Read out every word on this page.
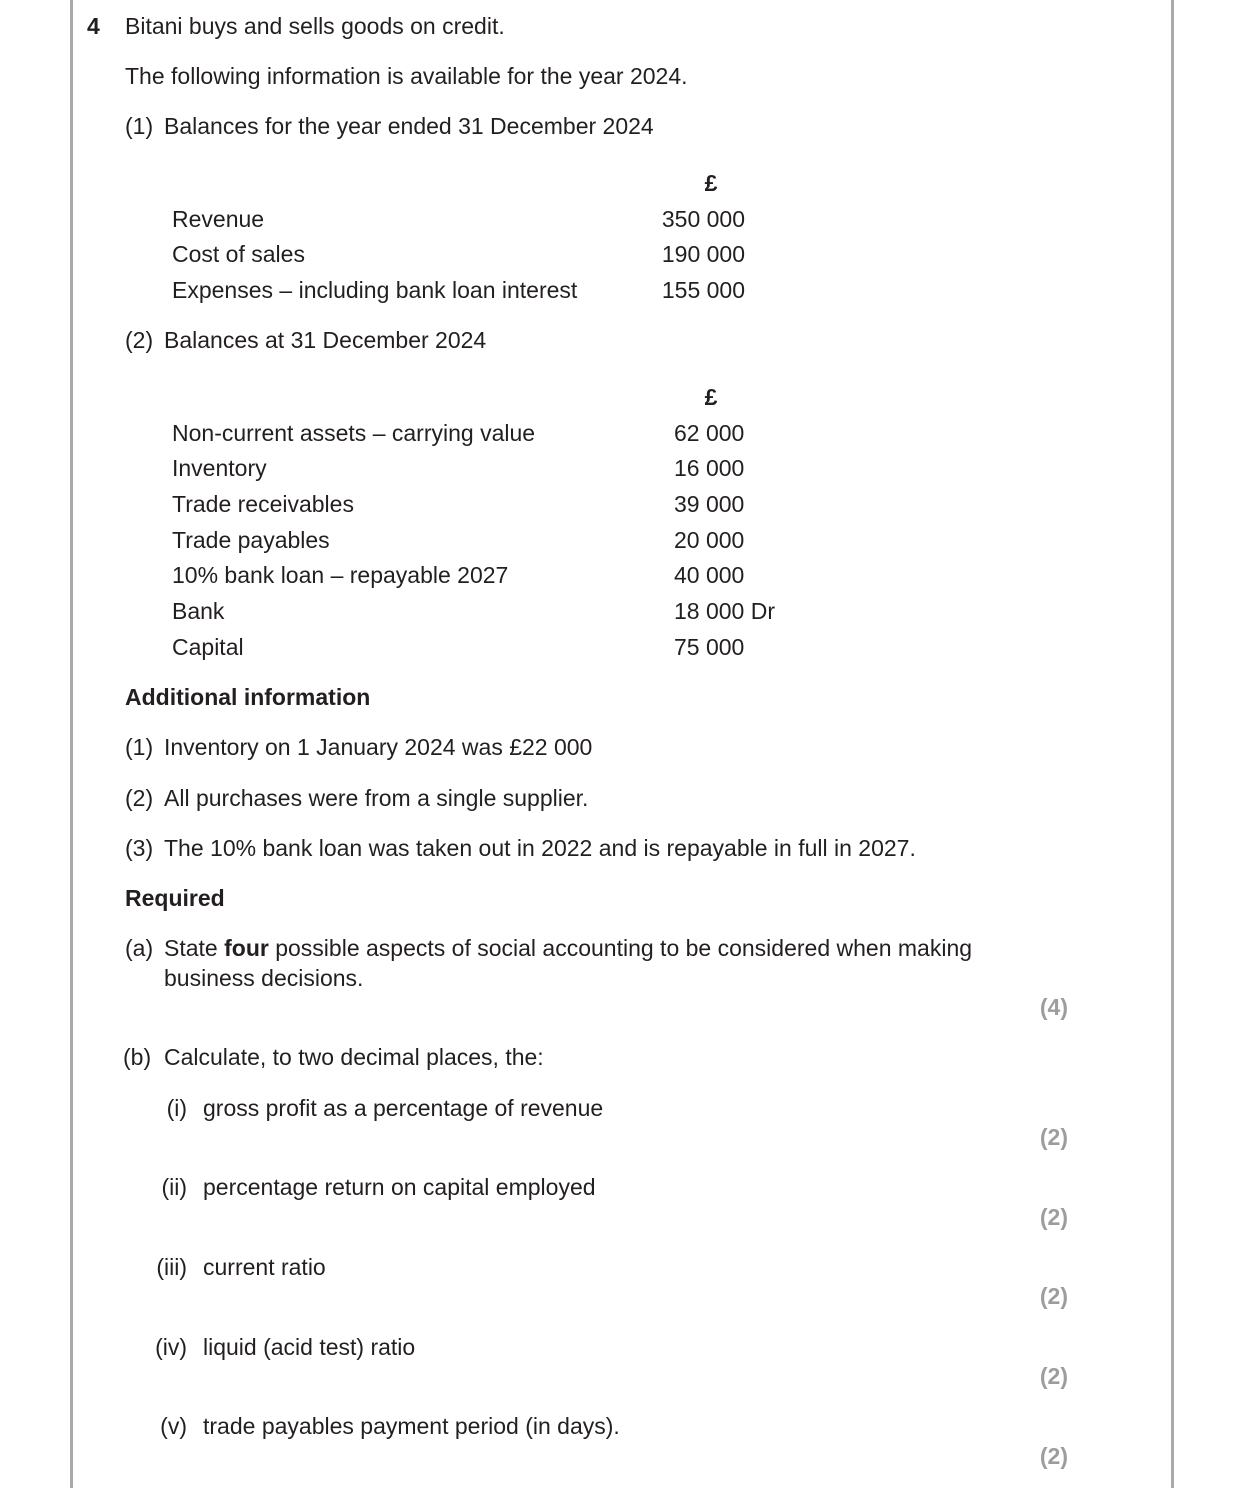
4 Bitani buys and sells goods on credit.
The following information is available for the year 2024.
(1) Balances for the year ended 31 December 2024
£
Revenue	350 000
Cost of sales	190 000
Expenses – including bank loan interest	155 000
(2) Balances at 31 December 2024
£
Non-current assets – carrying value	62 000
Inventory	16 000
Trade receivables	39 000
Trade payables	20 000
10% bank loan – repayable 2027	40 000
Bank	18 000 Dr
Capital	75 000
Additional information
(1) Inventory on 1 January 2024 was £22 000
(2) All purchases were from a single supplier.
(3) The 10% bank loan was taken out in 2022 and is repayable in full in 2027.
Required
(a) State four possible aspects of social accounting to be considered when making
business decisions.
(4)
(b) Calculate, to two decimal places, the:
(i) gross profit as a percentage of revenue
(2)
(ii) percentage return on capital employed
(2)
(iii) current ratio
(2)
(iv) liquid (acid test) ratio
(2)
(v) trade payables payment period (in days).
(2)
